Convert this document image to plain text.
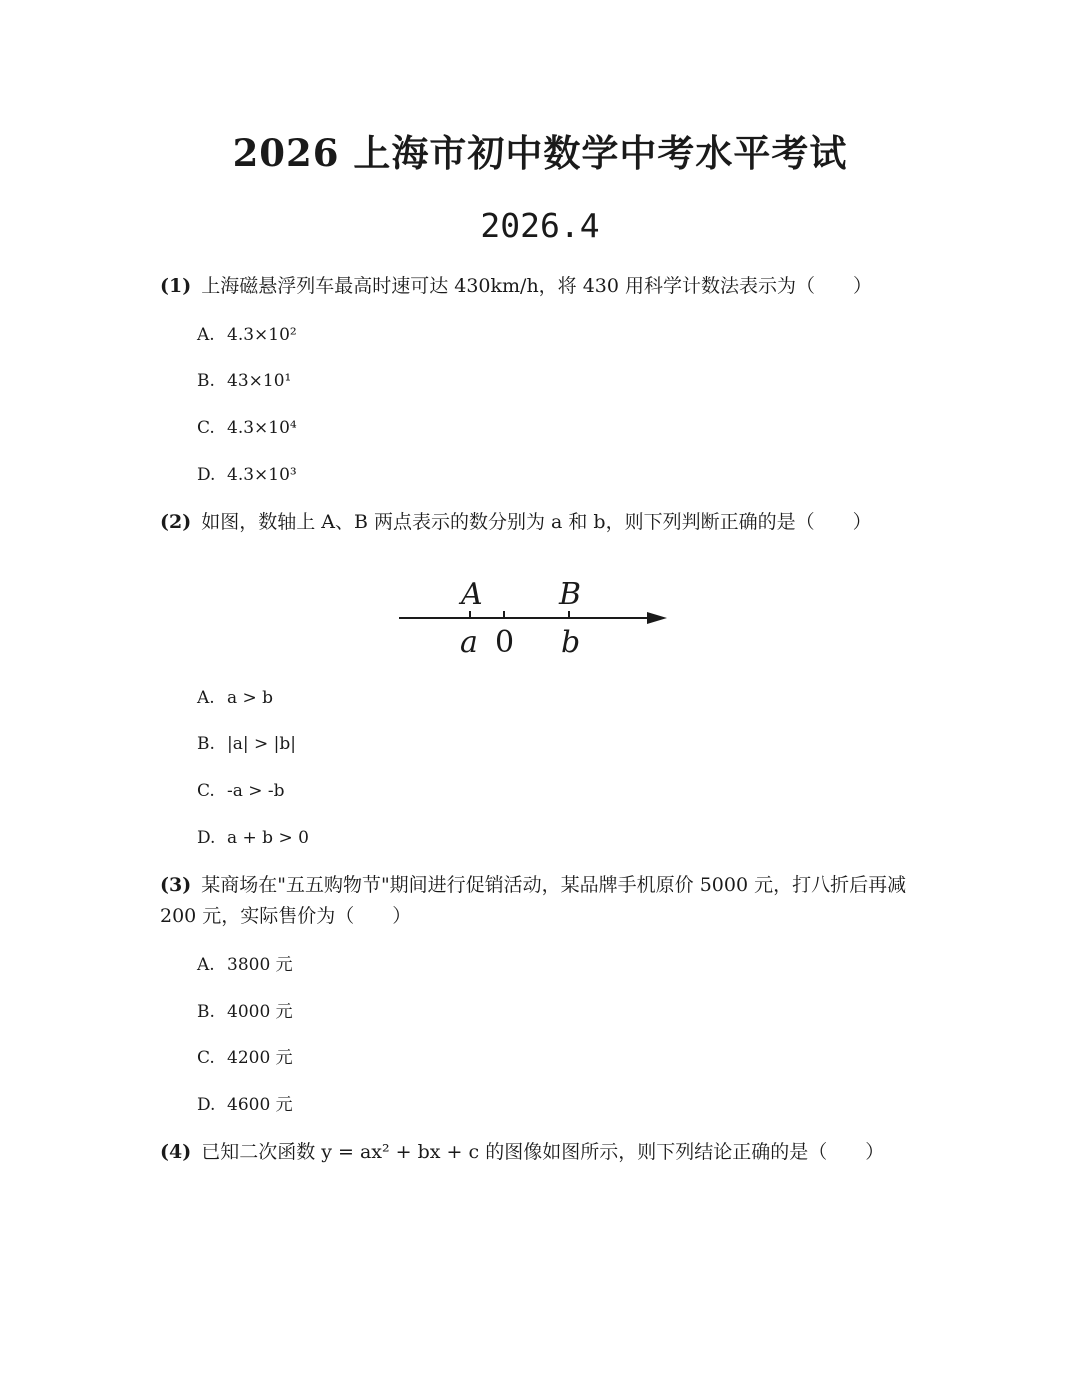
2026 上海市初中数学中考水平考试
2026.4
(1) 上海磁悬浮列车最高时速可达 430km/h，将 430 用科学计数法表示为（　　）
A. 4.3×10²
B. 43×10¹
C. 4.3×10⁴
D. 4.3×10³
(2) 如图，数轴上 A、B 两点表示的数分别为 a 和 b，则下列判断正确的是（　　）
A	B
a 0 b
A. a > b
B. |a| > |b|
C. -a > -b
D. a + b > 0
(3) 某商场在"五五购物节"期间进行促销活动，某品牌手机原价 5000 元，打八折后再减 200 元，实际售价为（　　）
A. 3800 元
B. 4000 元
C. 4200 元
D. 4600 元
(4) 已知二次函数 y = ax² + bx + c 的图像如图所示，则下列结论正确的是（　　）
